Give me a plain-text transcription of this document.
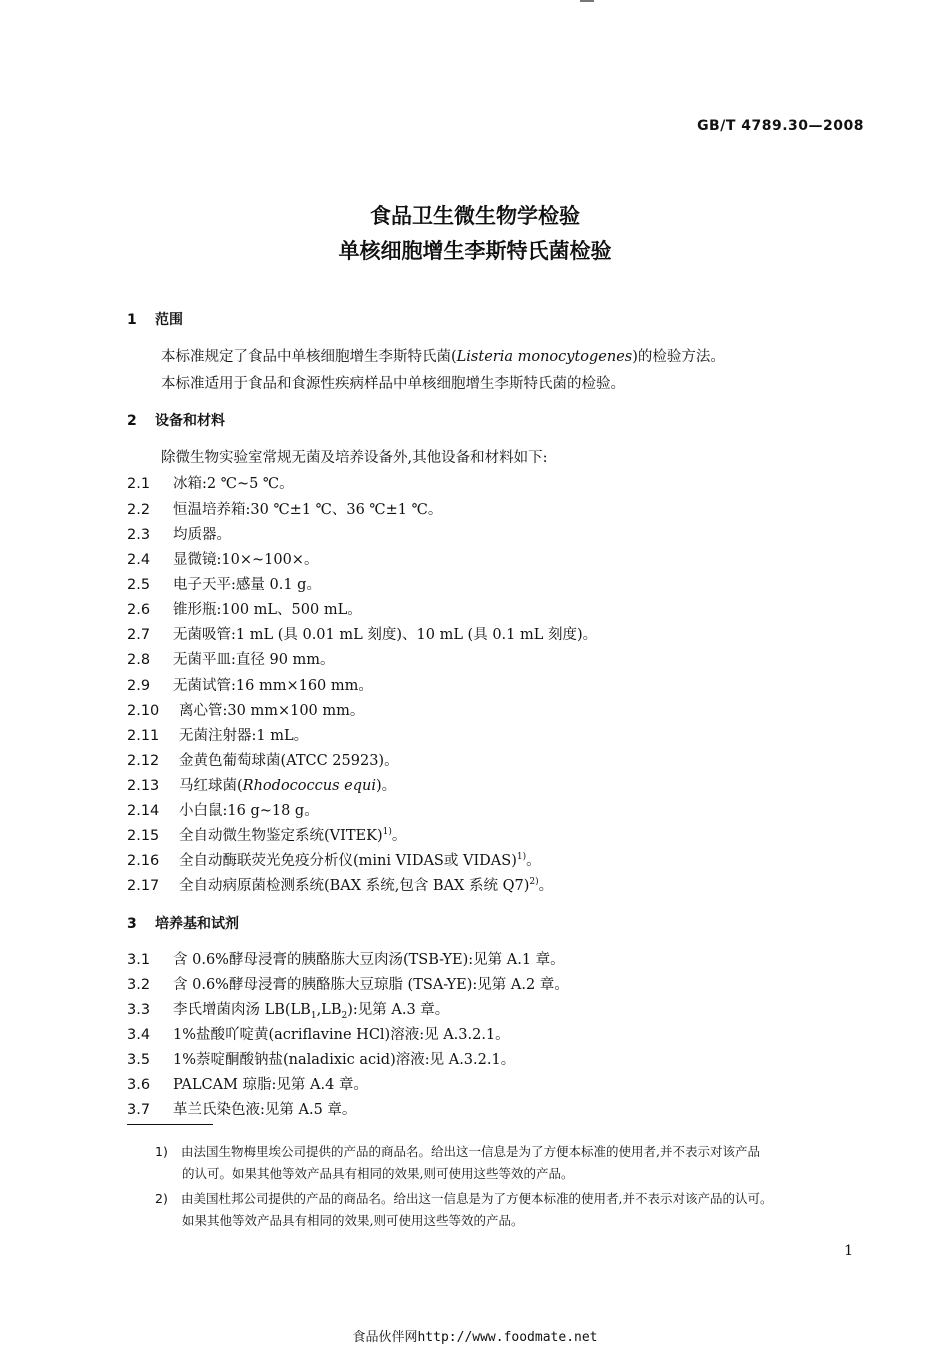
GB/T 4789.30—2008
食品卫生微生物学检验
单核细胞增生李斯特氏菌检验
1 范围
本标准规定了食品中单核细胞增生李斯特氏菌(Listeria monocytogenes)的检验方法。
本标准适用于食品和食源性疾病样品中单核细胞增生李斯特氏菌的检验。
2 设备和材料
除微生物实验室常规无菌及培养设备外,其他设备和材料如下:
2.1 冰箱:2 ℃~5 ℃。
2.2 恒温培养箱:30 ℃±1 ℃、36 ℃±1 ℃。
2.3 均质器。
2.4 显微镜:10×~100×。
2.5 电子天平:感量 0.1 g。
2.6 锥形瓶:100 mL、500 mL。
2.7 无菌吸管:1 mL (具 0.01 mL 刻度)、10 mL (具 0.1 mL 刻度)。
2.8 无菌平皿:直径 90 mm。
2.9 无菌试管:16 mm×160 mm。
2.10 离心管:30 mm×100 mm。
2.11 无菌注射器:1 mL。
2.12 金黄色葡萄球菌(ATCC 25923)。
2.13 马红球菌(Rhodococcus equi)。
2.14 小白鼠:16 g~18 g。
2.15 全自动微生物鉴定系统(VITEK)$^{1)}$。
2.16 全自动酶联荧光免疫分析仪(mini VIDAS或 VIDAS)$^{1)}$。
2.17 全自动病原菌检测系统(BAX 系统,包含 BAX 系统 Q7)$^{2)}$。
3 培养基和试剂
3.1 含 0.6%酵母浸膏的胰酪胨大豆肉汤(TSB-YE):见第 A.1 章。
3.2 含 0.6%酵母浸膏的胰酪胨大豆琼脂 (TSA-YE):见第 A.2 章。
3.3 李氏增菌肉汤 $LB(LB_1,LB_2)$:见第 A.3 章。
3.4 1%盐酸吖啶黄(acriflavine HCl)溶液:见 A.3.2.1。
3.5 1%萘啶酮酸钠盐(naladixic acid)溶液:见 A.3.2.1。
3.6 PALCAM 琼脂:见第 A.4 章。
3.7 革兰氏染色液:见第 A.5 章。
1) 由法国生物梅里埃公司提供的产品的商品名。给出这一信息是为了方便本标准的使用者,并不表示对该产品
的认可。如果其他等效产品具有相同的效果,则可使用这些等效的产品。
2) 由美国杜邦公司提供的产品的商品名。给出这一信息是为了方便本标准的使用者,并不表示对该产品的认可。
如果其他等效产品具有相同的效果,则可使用这些等效的产品。
1
食品伙伴网http://www.foodmate.net
